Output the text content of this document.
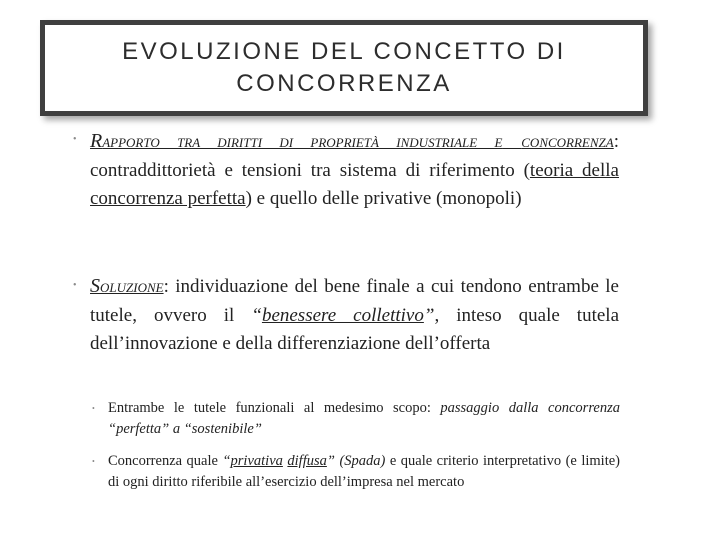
EVOLUZIONE DEL CONCETTO DI
CONCORRENZA
• RAPPORTO TRA DIRITTI DI PROPRIETÀ INDUSTRIALE E CONCORRENZA: contraddittorietà e tensioni tra sistema di riferimento (teoria della concorrenza perfetta) e quello delle privative (monopoli)
• SOLUZIONE: individuazione del bene finale a cui tendono entrambe le tutele, ovvero il “benessere collettivo”, inteso quale tutela dell’innovazione e della differenziazione dell’offerta
• Entrambe le tutele funzionali al medesimo scopo: passaggio dalla concorrenza “perfetta” a “sostenibile”
• Concorrenza quale “privativa diffusa” (Spada) e quale criterio interpretativo (e limite) di ogni diritto riferibile all’esercizio dell’impresa nel mercato
